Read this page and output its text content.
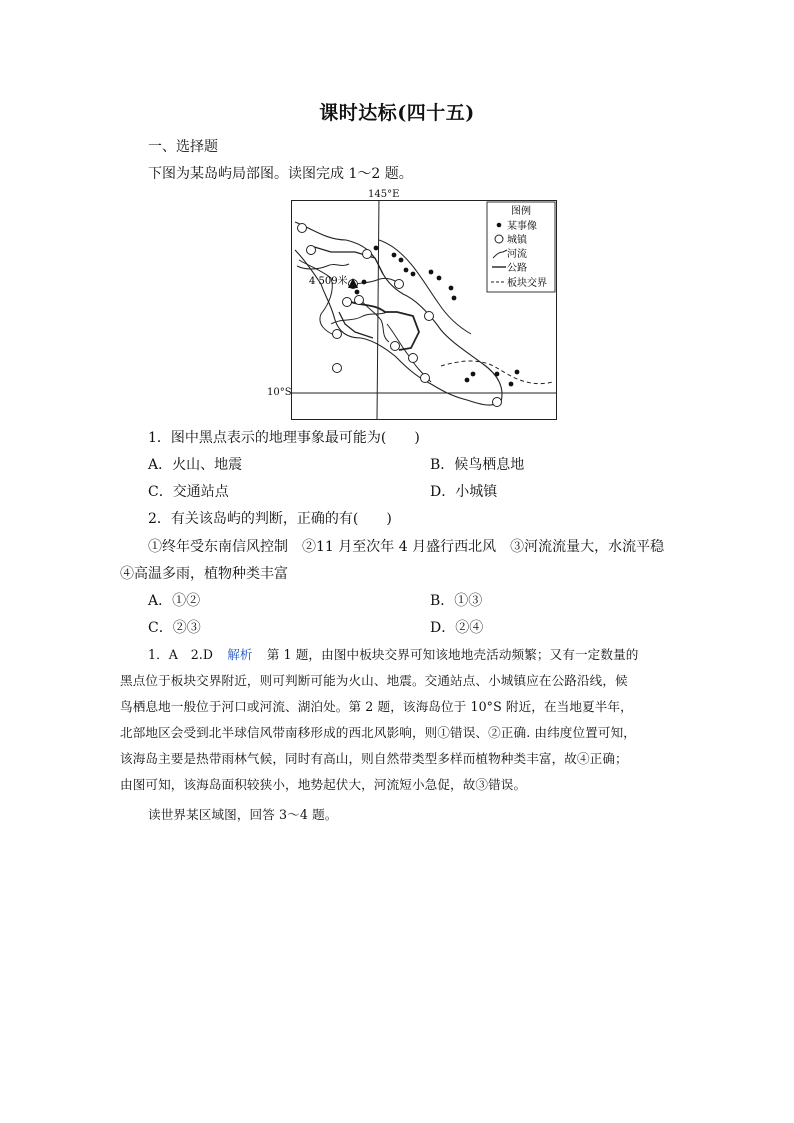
课时达标(四十五)
一、选择题
下图为某岛屿局部图。读图完成 1～2 题。
4 509米
图例
某事像
城镇
河流
公路
板块交界
145°E
10°S
1．图中黑点表示的地理事象最可能为(　　)
A．火山、地震	B．候鸟栖息地
C．交通站点	D．小城镇
2．有关该岛屿的判断，正确的有(　　)
①终年受东南信风控制　②11 月至次年 4 月盛行西北风　③河流流量大，水流平稳
④高温多雨，植物种类丰富
A．①②	B．①③
C．②③	D．②④
1．A　2.D 解析 第 1 题，由图中板块交界可知该地地壳活动频繁；又有一定数量的
黑点位于板块交界附近，则可判断可能为火山、地震。交通站点、小城镇应在公路沿线，候
鸟栖息地一般位于河口或河流、湖泊处。第 2 题，该海岛位于 10°S 附近，在当地夏半年，
北部地区会受到北半球信风带南移形成的西北风影响，则①错误、②正确. 由纬度位置可知，
该海岛主要是热带雨林气候，同时有高山，则自然带类型多样而植物种类丰富，故④正确；
由图可知，该海岛面积较狭小，地势起伏大，河流短小急促，故③错误。
读世界某区域图，回答 3～4 题。
